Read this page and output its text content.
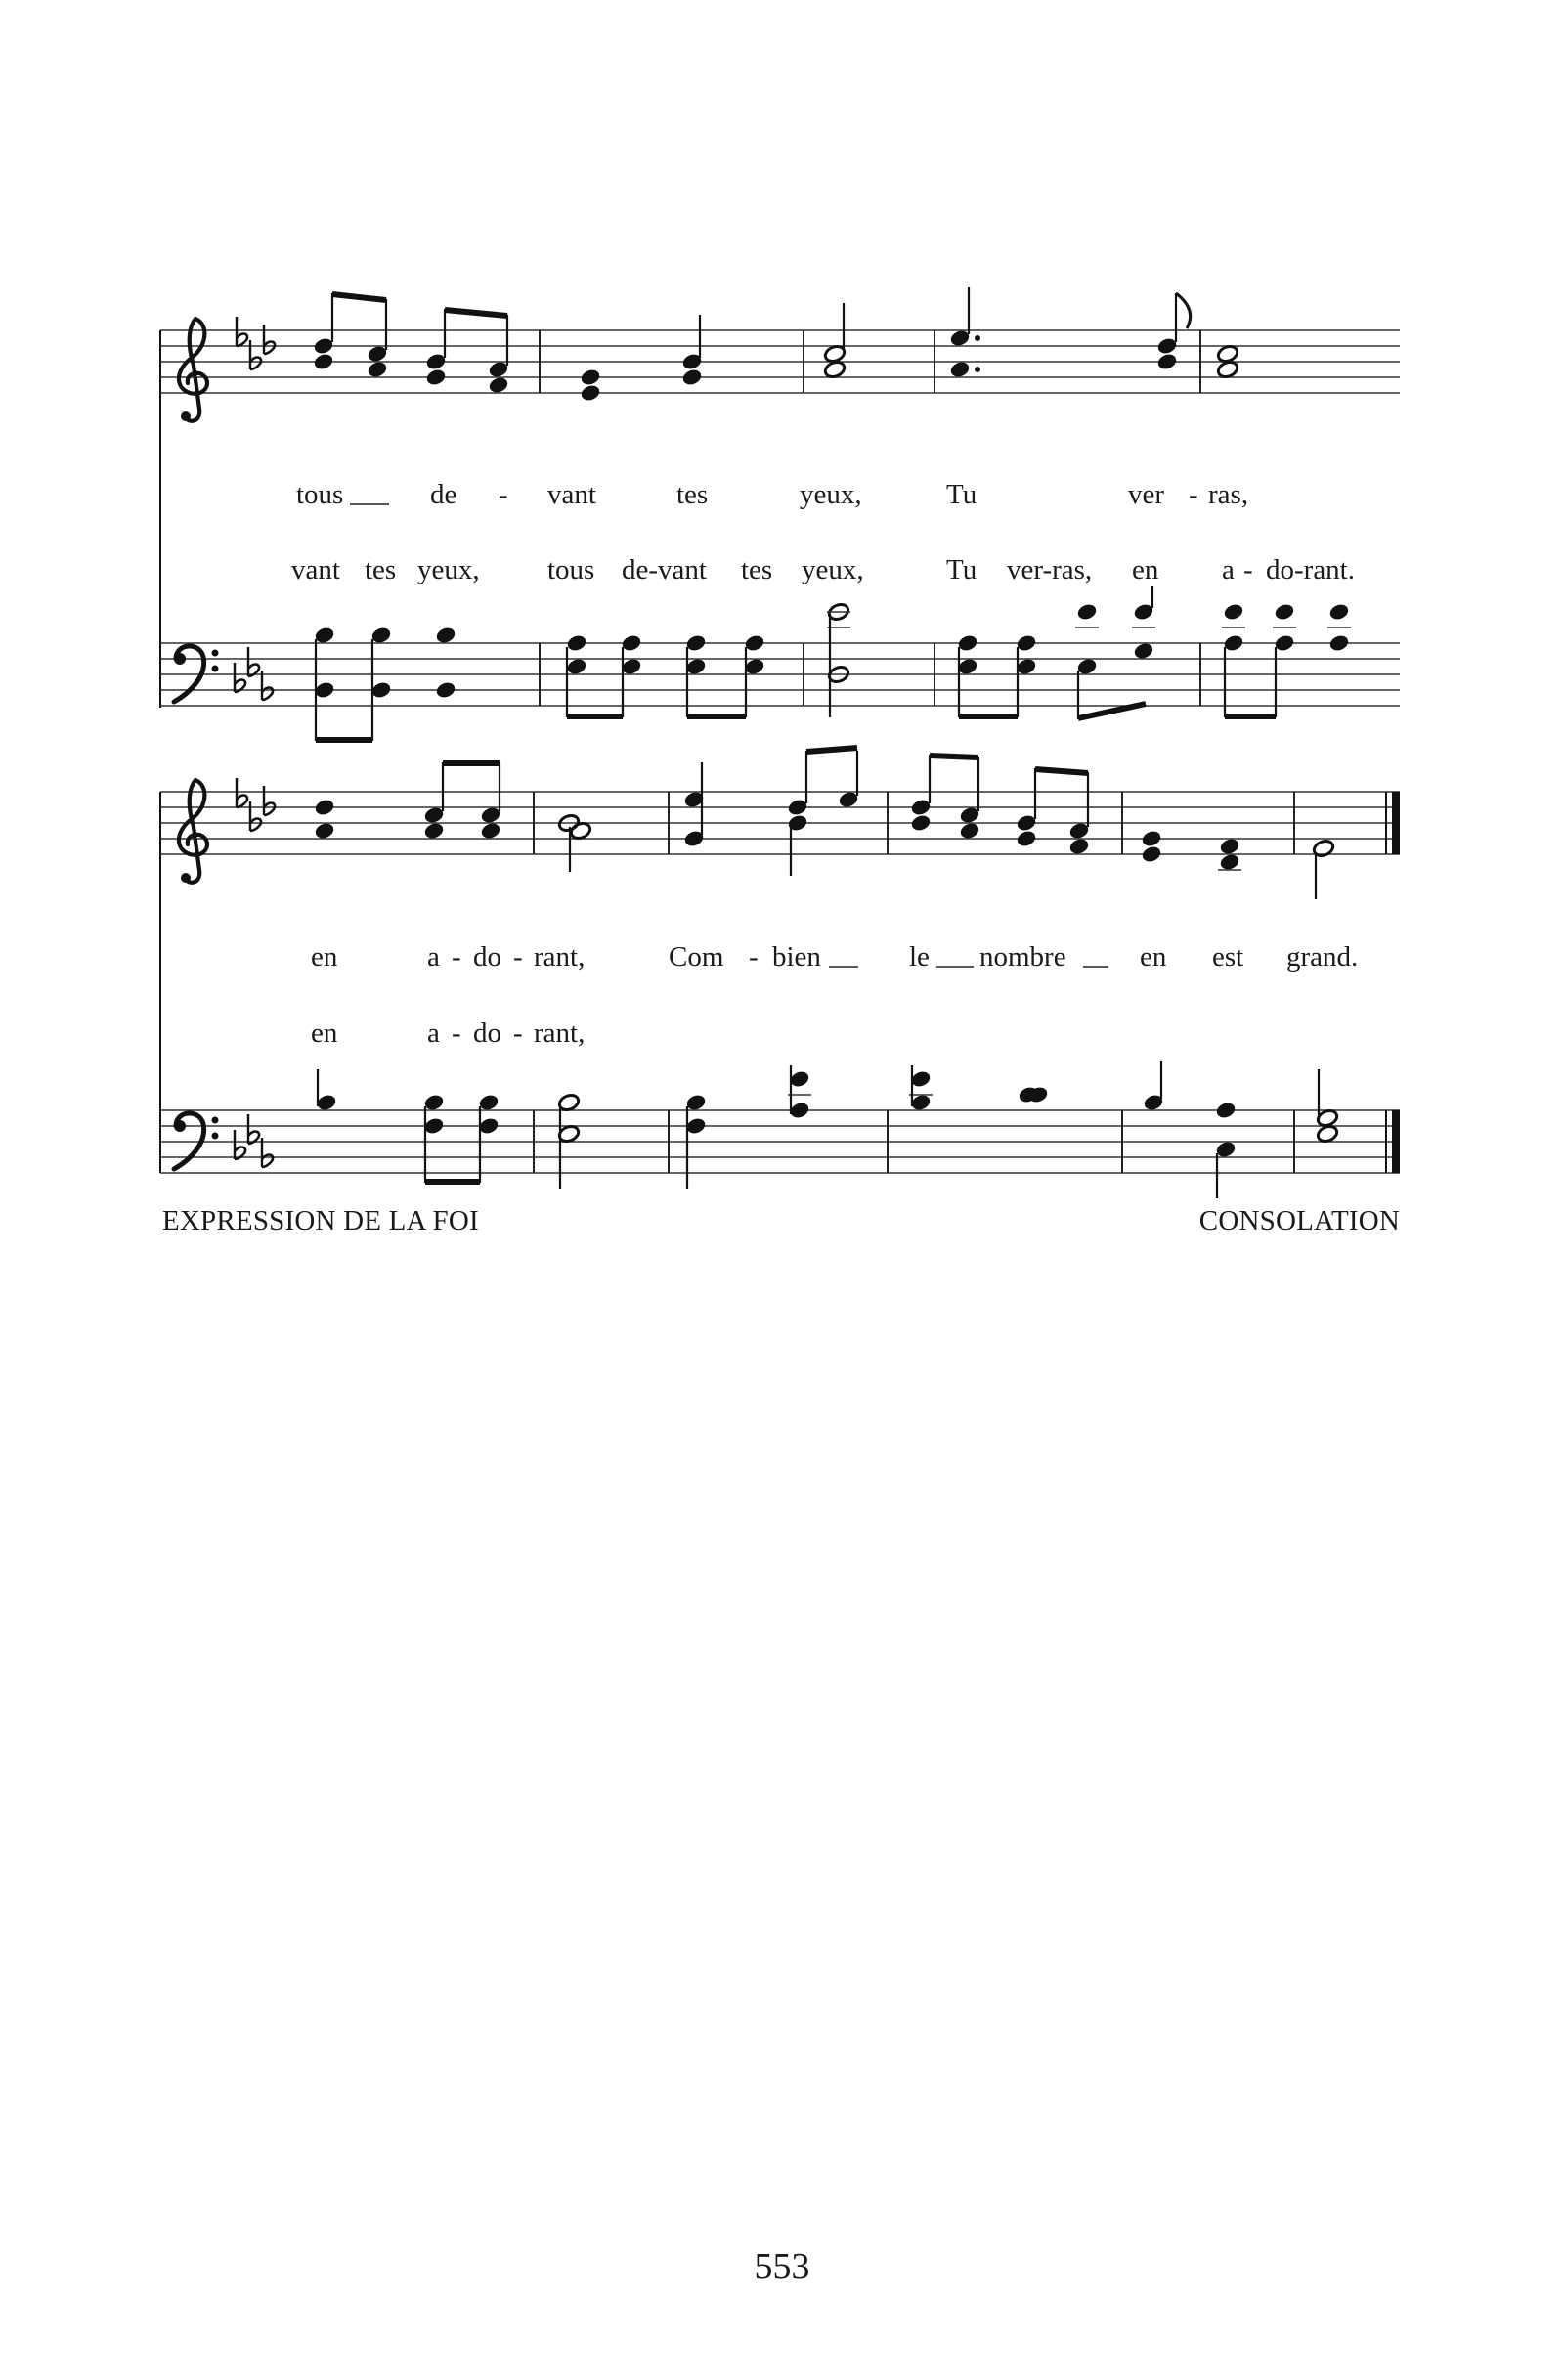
tous	de - vant	tes	yeux,	Tu	ver - ras,
vant tes yeux, tous de-vant tes yeux,	Tu ver-ras, en a - do-rant.
en	a - do - rant,	Com - bien	le nombre	en est grand.
en	a - do - rant,
EXPRESSION DE LA FOI	CONSOLATION
553
